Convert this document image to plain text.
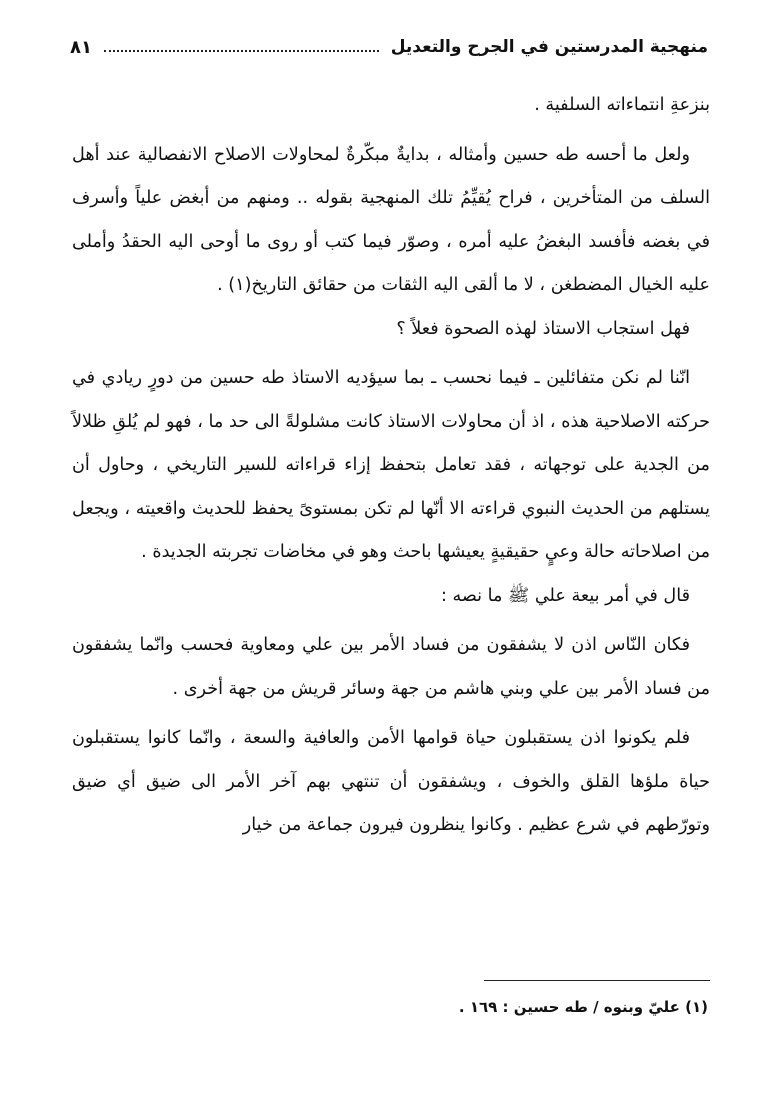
منهجية المدرستين في الجرح والتعديل
٨١

بنزعةِ انتماءاته السلفية .

ولعل ما أحسه طه حسين وأمثاله ، بدايةٌ مبكّرةٌ لمحاولات الاصلاح الانفصالية عند أهل السلف من المتأخرين ، فراح يُقيِّمُ تلك المنهجية بقوله .. ومنهم من أبغض علياً وأسرف في بغضه فأفسد البغضُ عليه أمره ، وصوّر فيما كتب أو روى ما أوحى اليه الحقدُ وأملى عليه الخيال المضطغن ، لا ما ألقى اليه الثقات من حقائق التاريخ(١) .

فهل استجاب الاستاذ لهذه الصحوة فعلاً ؟

انّنا لم نكن متفائلين ـ فيما نحسب ـ بما سيؤديه الاستاذ طه حسين من دورٍ ريادي في حركته الاصلاحية هذه ، اذ أن محاولات الاستاذ كانت مشلولةً الى حد ما ، فهو لم يُلقِ ظلالاً من الجدية على توجهاته ، فقد تعامل بتحفظ إزاء قراءاته للسير التاريخي ، وحاول أن يستلهم من الحديث النبوي قراءته الا أنّها لم تكن بمستوىً يحفظ للحديث واقعيته ، ويجعل من اصلاحاته حالة وعيٍ حقيقيةٍ يعيشها باحث وهو في مخاضات تجربته الجديدة .

قال في أمر بيعة علي ﷺ ما نصه :

فكان النّاس اذن لا يشفقون من فساد الأمر بين علي ومعاوية فحسب وانّما يشفقون من فساد الأمر بين علي وبني هاشم من جهة وسائر قريش من جهة أخرى .

فلم يكونوا اذن يستقبلون حياة قوامها الأمن والعافية والسعة ، وانّما كانوا يستقبلون حياة ملؤها القلق والخوف ، ويشفقون أن تنتهي بهم آخر الأمر الى ضيق أي ضيق وتورّطهم في شرع عظيم . وكانوا ينظرون فيرون جماعة من خيار

(١) عليّ وبنوه / طه حسين : ١٦٩ .
